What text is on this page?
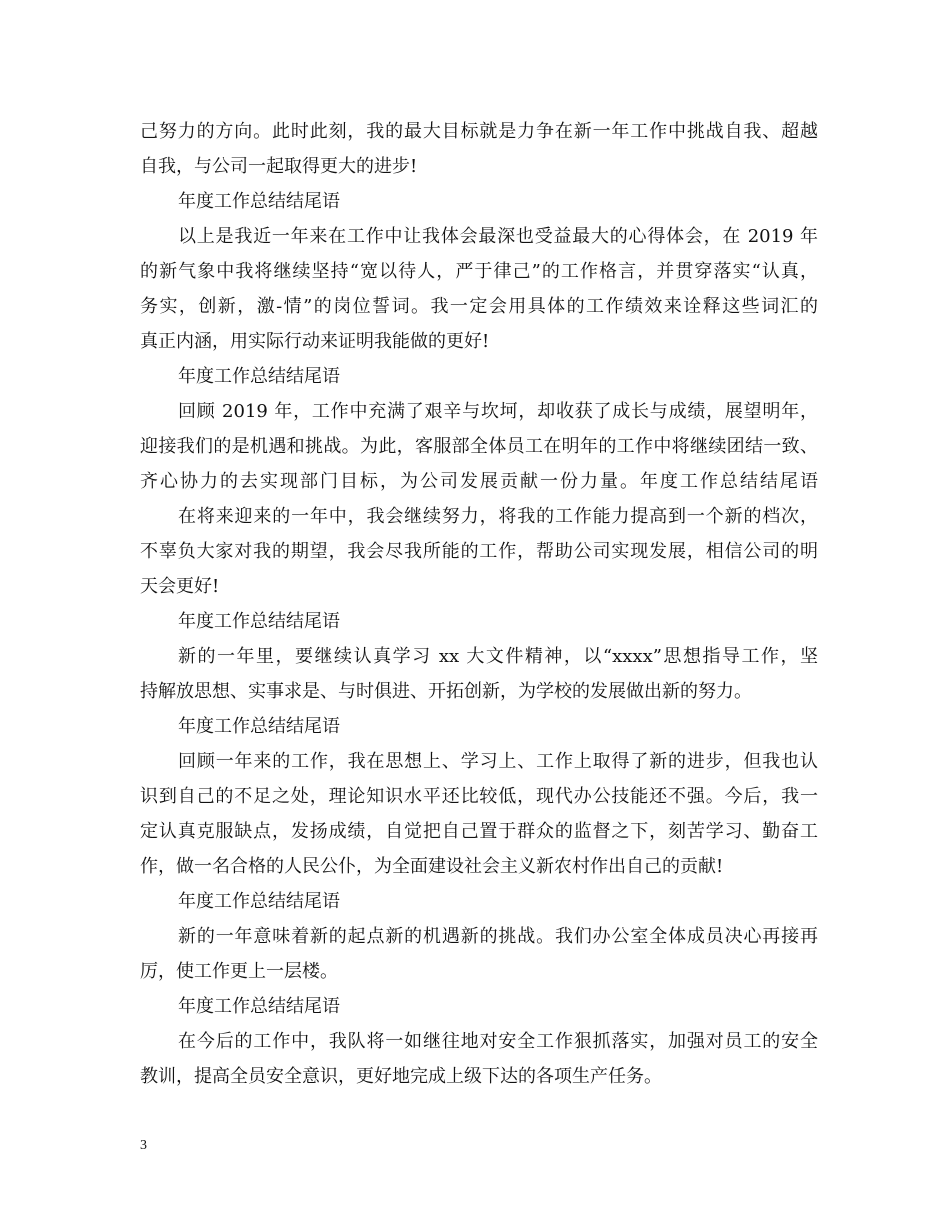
己努力的方向。此时此刻，我的最大目标就是力争在新一年工作中挑战自我、超越
自我，与公司一起取得更大的进步!
年度工作总结结尾语
以上是我近一年来在工作中让我体会最深也受益最大的心得体会，在 2019 年
的新气象中我将继续坚持“宽以待人，严于律己”的工作格言，并贯穿落实“认真，
务实，创新，激-情”的岗位誓词。我一定会用具体的工作绩效来诠释这些词汇的
真正内涵，用实际行动来证明我能做的更好!
年度工作总结结尾语
回顾 2019 年，工作中充满了艰辛与坎坷，却收获了成长与成绩，展望明年，
迎接我们的是机遇和挑战。为此，客服部全体员工在明年的工作中将继续团结一致、
齐心协力的去实现部门目标，为公司发展贡献一份力量。年度工作总结结尾语
在将来迎来的一年中，我会继续努力，将我的工作能力提高到一个新的档次，
不辜负大家对我的期望，我会尽我所能的工作，帮助公司实现发展，相信公司的明
天会更好!
年度工作总结结尾语
新的一年里，要继续认真学习 xx 大文件精神，以“xxxx”思想指导工作，坚
持解放思想、实事求是、与时俱进、开拓创新，为学校的发展做出新的努力。
年度工作总结结尾语
回顾一年来的工作，我在思想上、学习上、工作上取得了新的进步，但我也认
识到自己的不足之处，理论知识水平还比较低，现代办公技能还不强。今后，我一
定认真克服缺点，发扬成绩，自觉把自己置于群众的监督之下，刻苦学习、勤奋工
作，做一名合格的人民公仆，为全面建设社会主义新农村作出自己的贡献!
年度工作总结结尾语
新的一年意味着新的起点新的机遇新的挑战。我们办公室全体成员决心再接再
厉，使工作更上一层楼。
年度工作总结结尾语
在今后的工作中，我队将一如继往地对安全工作狠抓落实，加强对员工的安全
教训，提高全员安全意识，更好地完成上级下达的各项生产任务。
3
